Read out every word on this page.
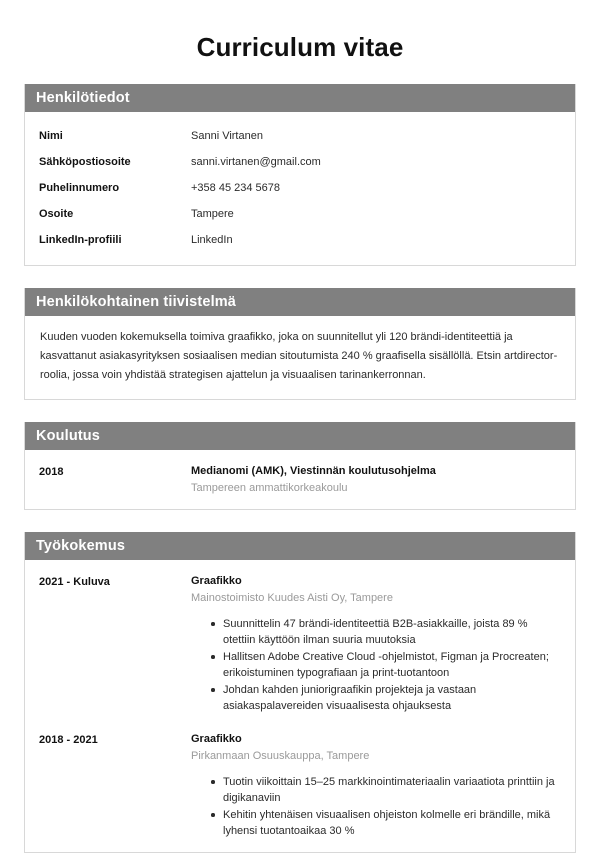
Curriculum vitae
Henkilötiedot
Nimi	Sanni Virtanen
Sähköpostiosoite	sanni.virtanen@gmail.com
Puhelinnumero	+358 45 234 5678
Osoite	Tampere
LinkedIn-profiili	LinkedIn
Henkilökohtainen tiivistelmä

Kuuden vuoden kokemuksella toimiva graafikko, joka on suunnitellut yli 120 brändi-identiteettiä ja kasvattanut asiakasyrityksen sosiaalisen median sitoutumista 240 % graafisella sisällöllä. Etsin artdirector-roolia, jossa voin yhdistää strategisen ajattelun ja visuaalisen tarinankerronnan.

Koulutus
2018	Medianomi (AMK), Viestinnän koulutusohjelma
Tampereen ammattikorkeakoulu
Työkokemus
2021 - Kuluva	Graafikko
Mainostoimisto Kuudes Aisti Oy, Tampere
Suunnittelin 47 brändi-identiteettiä B2B-asiakkaille, joista 89 % otettiin käyttöön ilman suuria muutoksia
Hallitsen Adobe Creative Cloud -ohjelmistot, Figman ja Procreaten; erikoistuminen typografiaan ja print-tuotantoon
Johdan kahden juniorigraafikin projekteja ja vastaan asiakaspalavereiden visuaalisesta ohjauksesta
2018 - 2021	Graafikko
Pirkanmaan Osuuskauppa, Tampere
Tuotin viikoittain 15–25 markkinointimateriaalin variaatiota printtiin ja digikanaviin
Kehitin yhtenäisen visuaalisen ohjeiston kolmelle eri brändille, mikä lyhensi tuotantoaikaa 30 %
